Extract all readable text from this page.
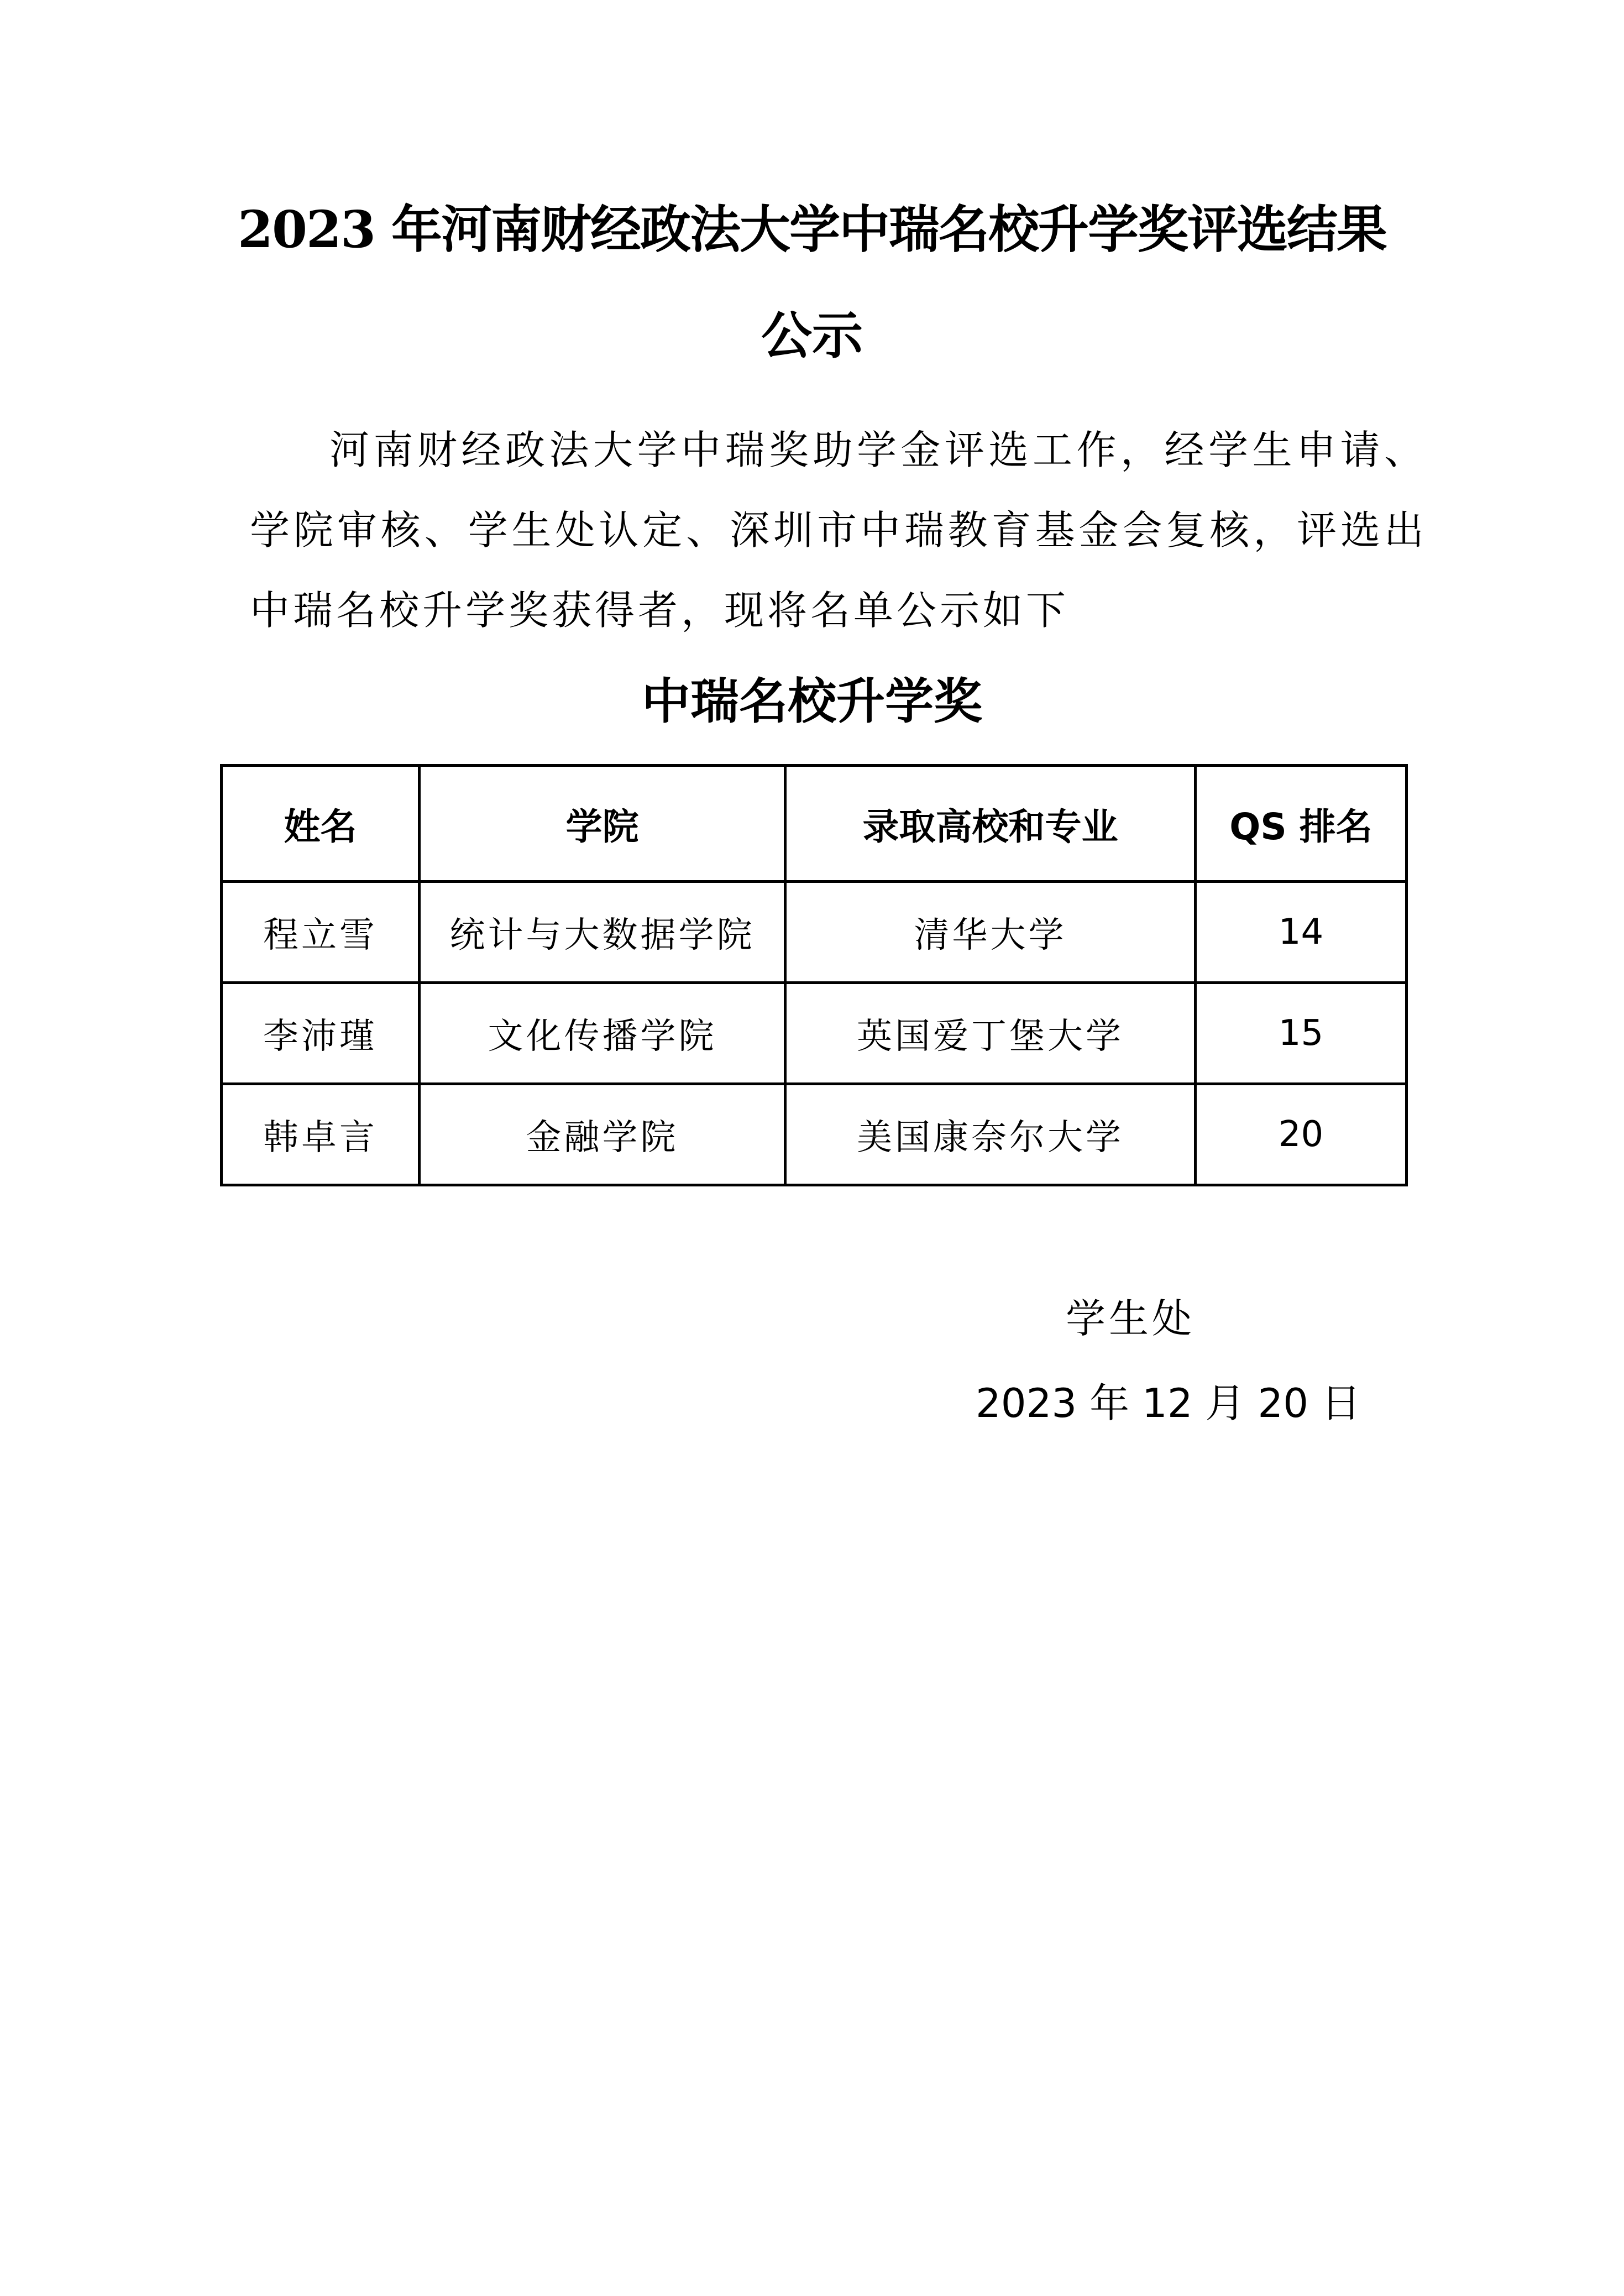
2023 年河南财经政法大学中瑞名校升学奖评选结果
公示
河南财经政法大学中瑞奖助学金评选工作，经学生申请、学院审核、学生处认定、深圳市中瑞教育基金会复核，评选出中瑞名校升学奖获得者，现将名单公示如下
中瑞名校升学奖
姓名	学院	录取高校和专业	QS 排名
程立雪	统计与大数据学院	清华大学	14
李沛瑾	文化传播学院	英国爱丁堡大学	15
韩卓言	金融学院	美国康奈尔大学	20
学生处
2023 年 12 月 20 日
